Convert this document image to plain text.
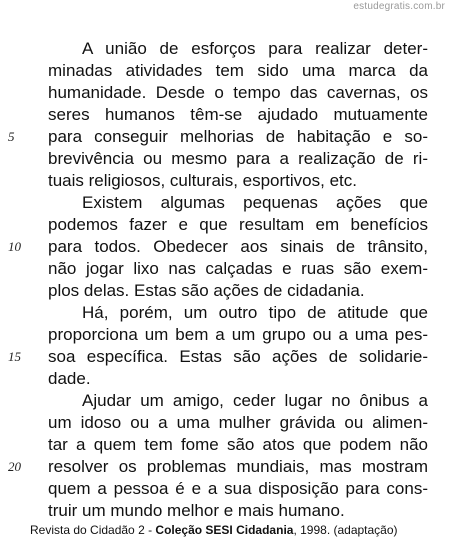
estudegratis.com.br
A união de esforços para realizar deter-
minadas atividades tem sido uma marca da
humanidade. Desde o tempo das cavernas, os
seres humanos têm-se ajudado mutuamente
para conseguir melhorias de habitação e so-
brevivência ou mesmo para a realização de ri-
tuais religiosos, culturais, esportivos, etc.
Existem algumas pequenas ações que
podemos fazer e que resultam em benefícios
para todos. Obedecer aos sinais de trânsito,
não jogar lixo nas calçadas e ruas são exem-
plos delas. Estas são ações de cidadania.
Há, porém, um outro tipo de atitude que
proporciona um bem a um grupo ou a uma pes-
soa específica. Estas são ações de solidarie-
dade.
Ajudar um amigo, ceder lugar no ônibus a
um idoso ou a uma mulher grávida ou alimen-
tar a quem tem fome são atos que podem não
resolver os problemas mundiais, mas mostram
quem a pessoa é e a sua disposição para cons-
truir um mundo melhor e mais humano.
5
10
15
20
Revista do Cidadão 2 - Coleção SESI Cidadania, 1998. (adaptação)
